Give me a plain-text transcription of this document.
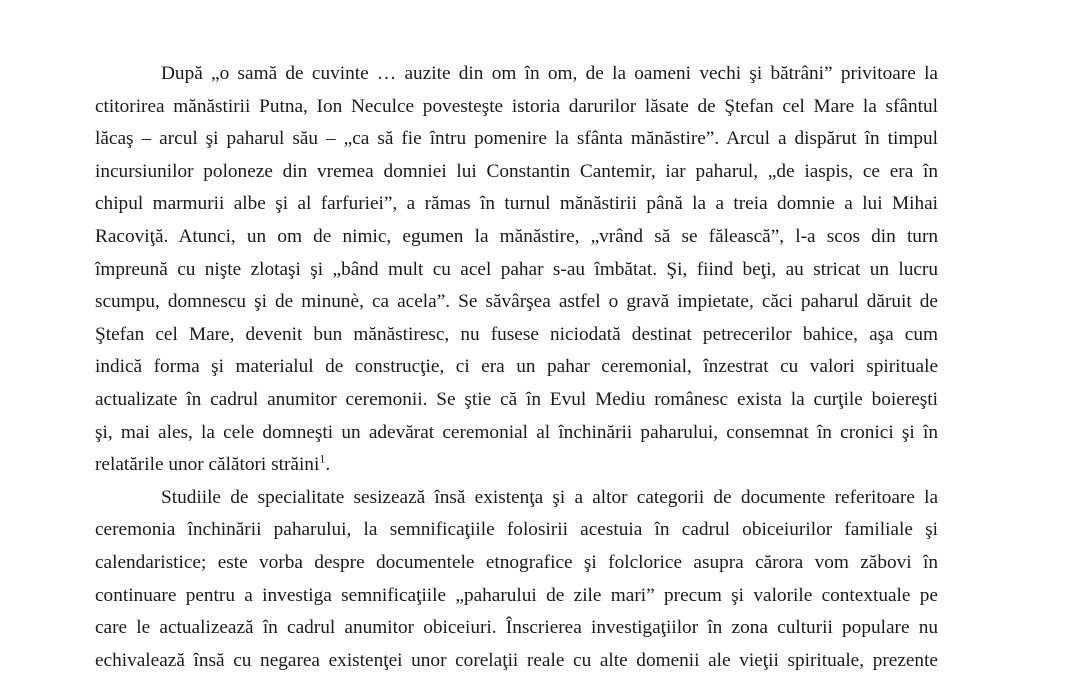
După „o samă de cuvinte … auzite din om în om, de la oameni vechi şi bătrâni” privitoare la
ctitorirea mănăstirii Putna, Ion Neculce povesteşte istoria darurilor lăsate de Ştefan cel Mare la sfântul
lăcaş – arcul şi paharul său – „ca să fie întru pomenire la sfânta mănăstire”. Arcul a dispărut în timpul
incursiunilor poloneze din vremea domniei lui Constantin Cantemir, iar paharul, „de iaspis, ce era în
chipul marmurii albe şi al farfuriei”, a rămas în turnul mănăstirii până la a treia domnie a lui Mihai
Racoviţă. Atunci, un om de nimic, egumen la mănăstire, „vrând să se fălească”, l-a scos din turn
împreună cu nişte zlotaşi şi „bând mult cu acel pahar s-au îmbătat. Şi, fiind beţi, au stricat un lucru
scumpu, domnescu şi de minunè, ca acela”. Se săvârşea astfel o gravă impietate, căci paharul dăruit de
Ştefan cel Mare, devenit bun mănăstiresc, nu fusese niciodată destinat petrecerilor bahice, aşa cum
indică forma şi materialul de construcţie, ci era un pahar ceremonial, înzestrat cu valori spirituale
actualizate în cadrul anumitor ceremonii. Se ştie că în Evul Mediu românesc exista la curţile boiereşti
şi, mai ales, la cele domneşti un adevărat ceremonial al închinării paharului, consemnat în cronici şi în
relatările unor călători străini$^1$.
Studiile de specialitate sesizează însă existenţa şi a altor categorii de documente referitoare la
ceremonia închinării paharului, la semnificaţiile folosirii acestuia în cadrul obiceiurilor familiale şi
calendaristice; este vorba despre documentele etnografice şi folclorice asupra cărora vom zăbovi în
continuare pentru a investiga semnificaţiile „paharului de zile mari” precum şi valorile contextuale pe
care le actualizează în cadrul anumitor obiceiuri. Înscrierea investigaţiilor în zona culturii populare nu
echivalează însă cu negarea existenţei unor corelaţii reale cu alte domenii ale vieţii spirituale, prezente
